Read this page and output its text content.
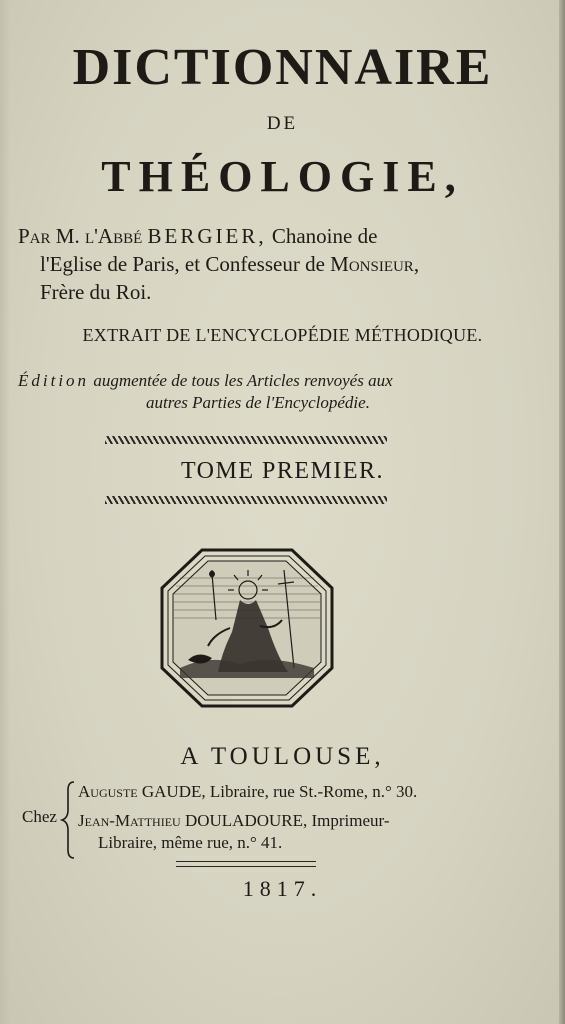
DICTIONNAIRE
DE
THÉOLOGIE,
Par M. l'Abbé BERGIER, Chanoine de
l'Eglise de Paris, et Confesseur de Monsieur,
Frère du Roi.
EXTRAIT DE L'ENCYCLOPÉDIE MÉTHODIQUE.
Édition augmentée de tous les Articles renvoyés aux
autres Parties de l'Encyclopédie.
TOME PREMIER.
A TOULOUSE,
Chez
Auguste GAUDE, Libraire, rue St.-Rome, n.° 30.
Jean-Matthieu DOULADOURE, Imprimeur-
Libraire, même rue, n.° 41.
1817.
